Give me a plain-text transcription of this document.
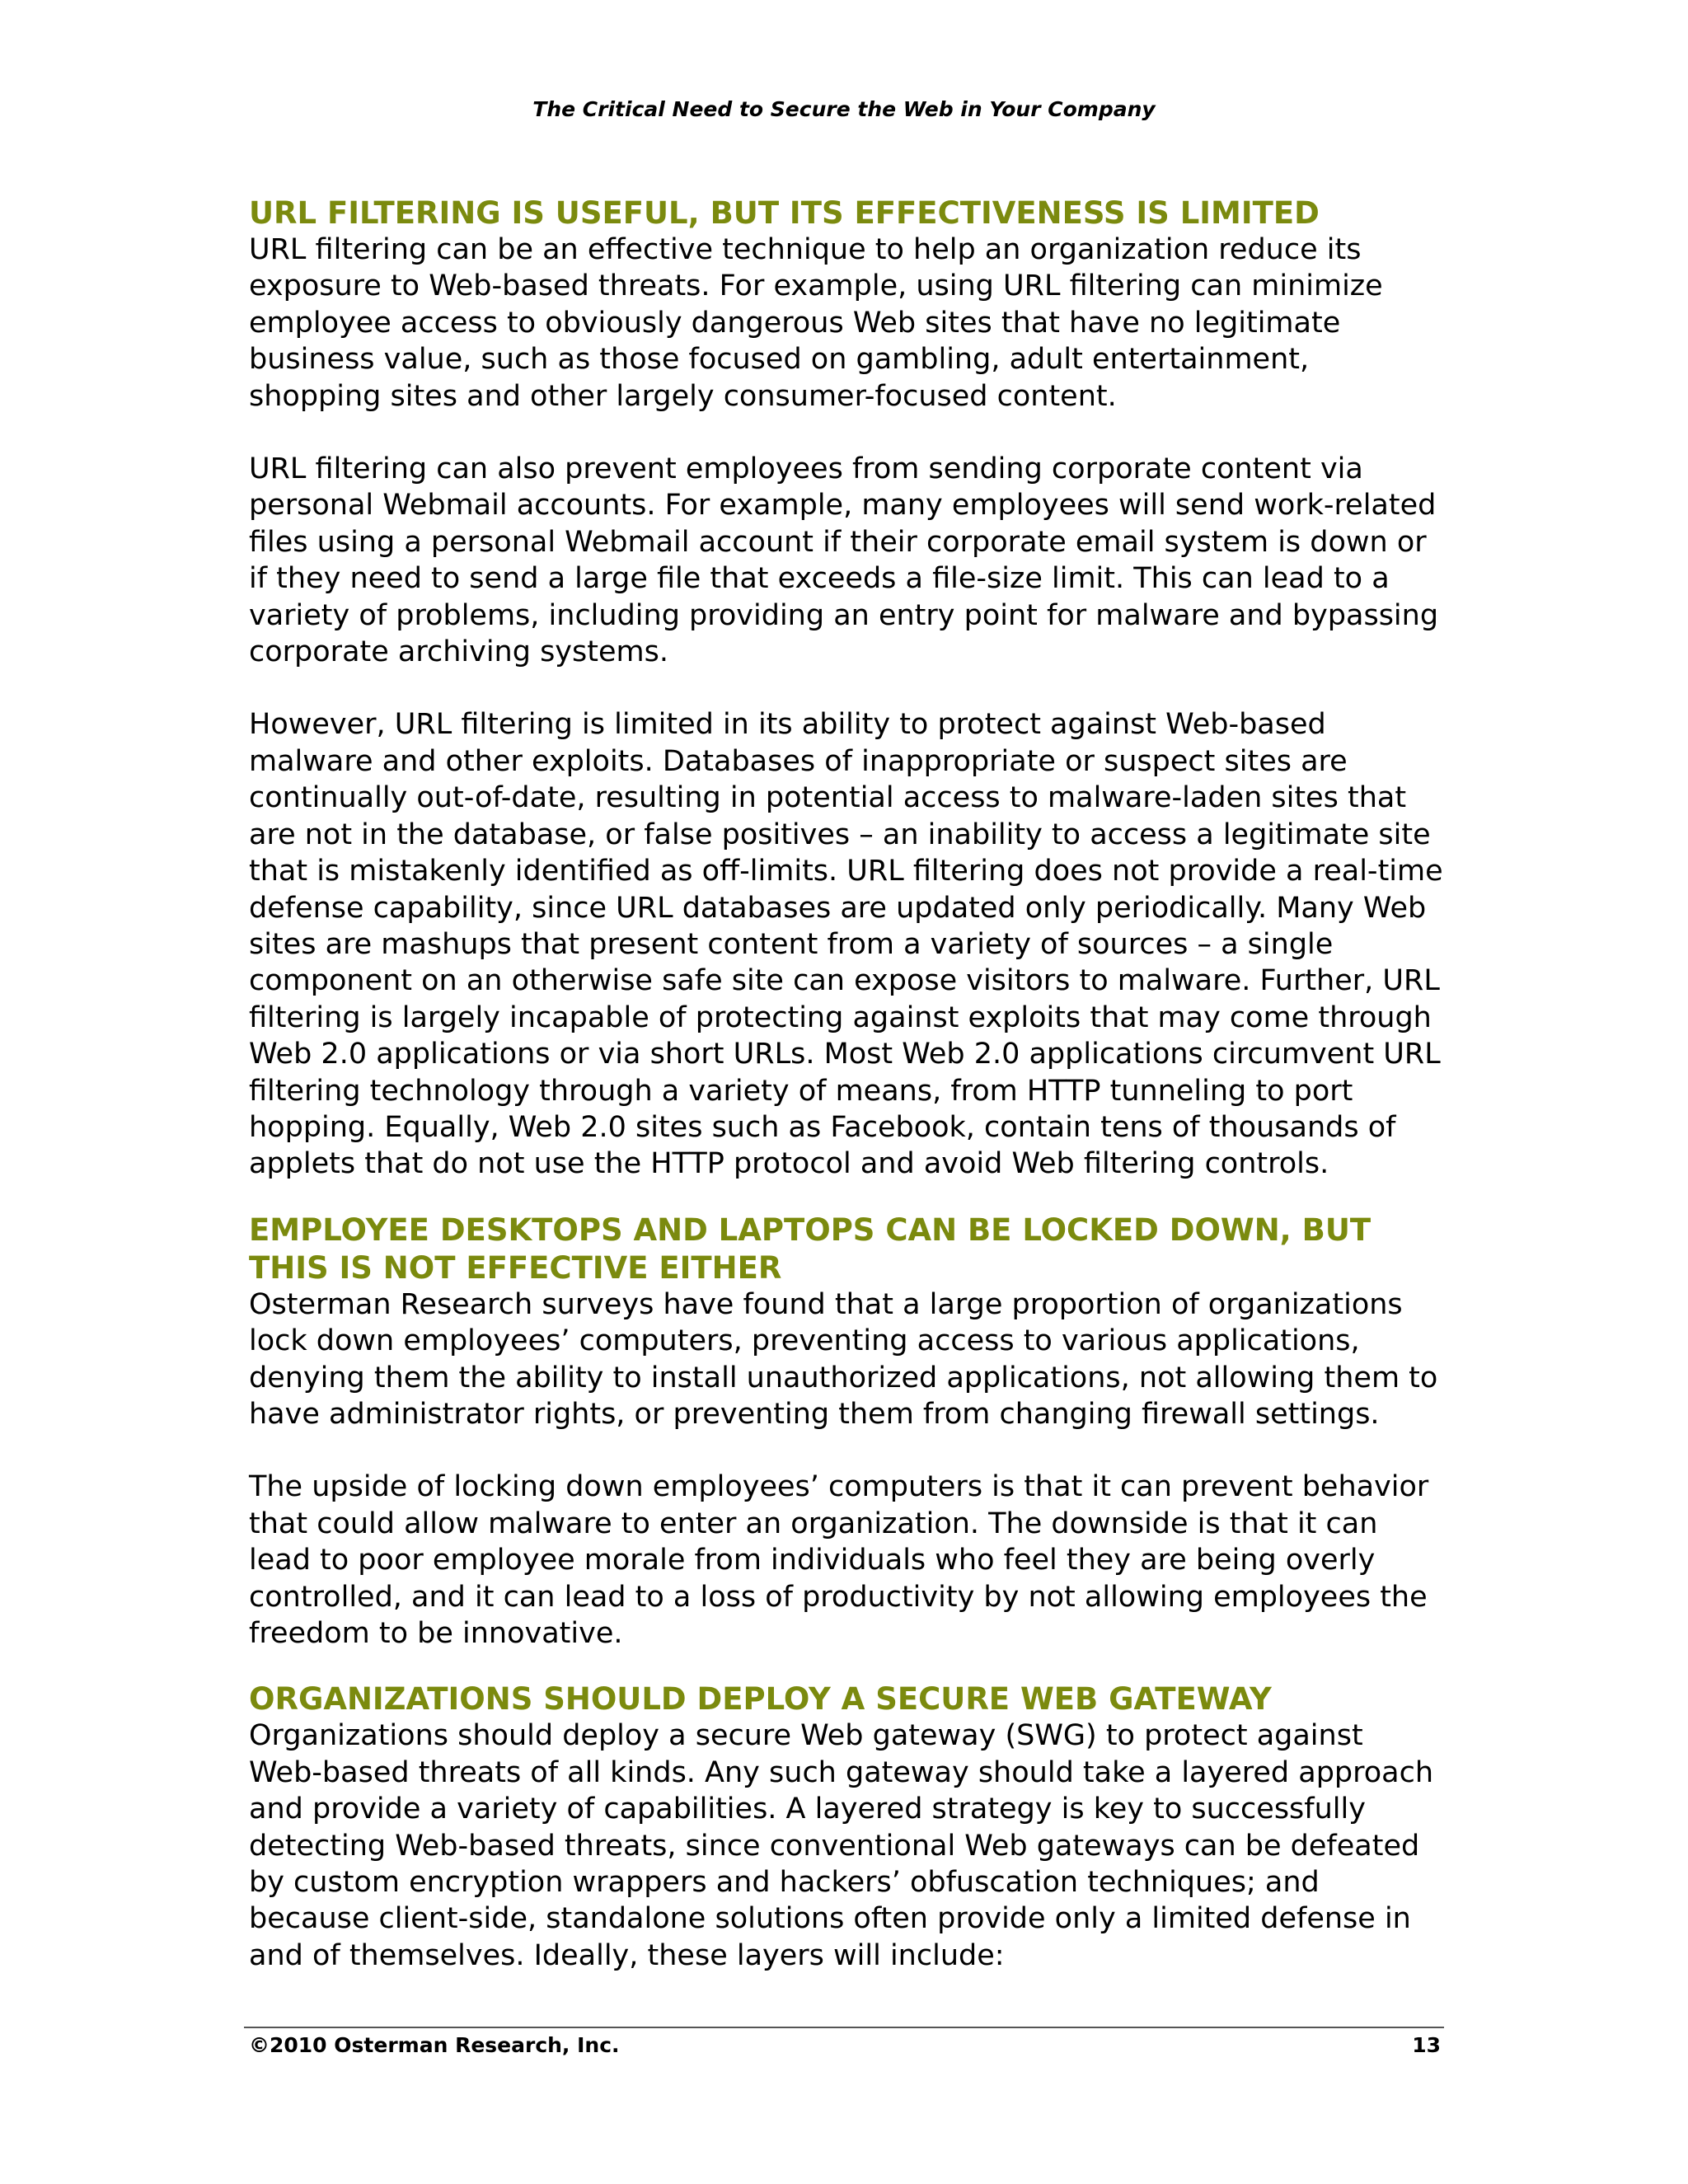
The Critical Need to Secure the Web in Your Company
URL FILTERING IS USEFUL, BUT ITS EFFECTIVENESS IS LIMITED

URL filtering can be an effective technique to help an organization reduce its exposure to Web-based threats. For example, using URL filtering can minimize employee access to obviously dangerous Web sites that have no legitimate business value, such as those focused on gambling, adult entertainment, shopping sites and other largely consumer-focused content.

URL filtering can also prevent employees from sending corporate content via personal Webmail accounts. For example, many employees will send work-related files using a personal Webmail account if their corporate email system is down or if they need to send a large file that exceeds a file-size limit. This can lead to a variety of problems, including providing an entry point for malware and bypassing corporate archiving systems.

However, URL filtering is limited in its ability to protect against Web-based malware and other exploits. Databases of inappropriate or suspect sites are continually out-of-date, resulting in potential access to malware-laden sites that are not in the database, or false positives – an inability to access a legitimate site that is mistakenly identified as off-limits. URL filtering does not provide a real-time defense capability, since URL databases are updated only periodically. Many Web sites are mashups that present content from a variety of sources – a single component on an otherwise safe site can expose visitors to malware. Further, URL filtering is largely incapable of protecting against exploits that may come through Web 2.0 applications or via short URLs. Most Web 2.0 applications circumvent URL filtering technology through a variety of means, from HTTP tunneling to port hopping. Equally, Web 2.0 sites such as Facebook, contain tens of thousands of applets that do not use the HTTP protocol and avoid Web filtering controls.

EMPLOYEE DESKTOPS AND LAPTOPS CAN BE LOCKED DOWN, BUT THIS IS NOT EFFECTIVE EITHER

Osterman Research surveys have found that a large proportion of organizations lock down employees’ computers, preventing access to various applications, denying them the ability to install unauthorized applications, not allowing them to have administrator rights, or preventing them from changing firewall settings.

The upside of locking down employees’ computers is that it can prevent behavior that could allow malware to enter an organization. The downside is that it can lead to poor employee morale from individuals who feel they are being overly controlled, and it can lead to a loss of productivity by not allowing employees the freedom to be innovative.

ORGANIZATIONS SHOULD DEPLOY A SECURE WEB GATEWAY

Organizations should deploy a secure Web gateway (SWG) to protect against Web-based threats of all kinds. Any such gateway should take a layered approach and provide a variety of capabilities. A layered strategy is key to successfully detecting Web-based threats, since conventional Web gateways can be defeated by custom encryption wrappers and hackers’ obfuscation techniques; and because client-side, standalone solutions often provide only a limited defense in and of themselves. Ideally, these layers will include:

©2010 Osterman Research, Inc.	13
